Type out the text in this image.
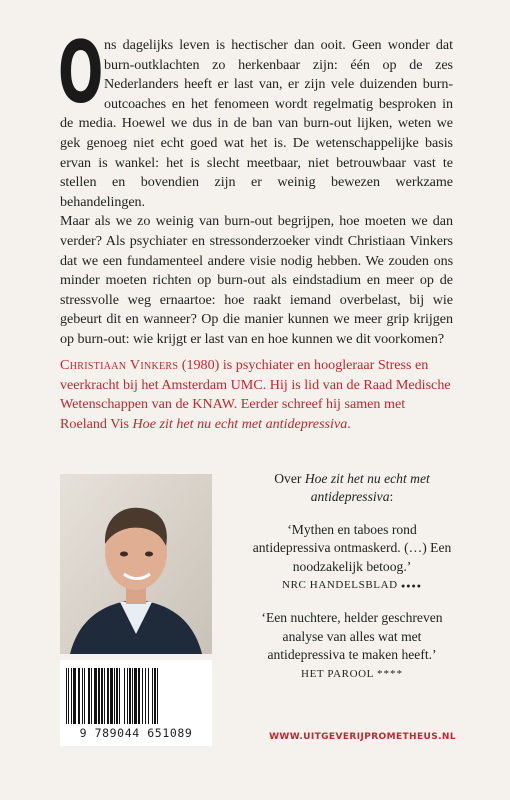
Ons dagelijks leven is hectischer dan ooit. Geen wonder dat burn-outklachten zo herkenbaar zijn: één op de zes Nederlanders heeft er last van, er zijn vele duizenden burn-outcoaches en het fenomeen wordt regelmatig besproken in de media. Hoewel we dus in de ban van burn-out lijken, weten we gek genoeg niet echt goed wat het is. De wetenschappelijke basis ervan is wankel: het is slecht meetbaar, niet betrouwbaar vast te stellen en bovendien zijn er weinig bewezen werkzame behandelingen.

Maar als we zo weinig van burn-out begrijpen, hoe moeten we dan verder? Als psychiater en stressonderzoeker vindt Christiaan Vinkers dat we een fundamenteel andere visie nodig hebben. We zouden ons minder moeten richten op burn-out als eindstadium en meer op de stressvolle weg ernaartoe: hoe raakt iemand overbelast, bij wie gebeurt dit en wanneer? Op die manier kunnen we meer grip krijgen op burn-out: wie krijgt er last van en hoe kunnen we dit voorkomen?

Christiaan Vinkers (1980) is psychiater en hoogleraar Stress en veerkracht bij het Amsterdam UMC. Hij is lid van de Raad Medische Wetenschappen van de KNAW. Eerder schreef hij samen met Roeland Vis Hoe zit het nu echt met antidepressiva.
9 789044 651089

Over Hoe zit het nu echt met antidepressiva:

‘Mythen en taboes rond antidepressiva ontmaskerd. (…) Een noodzakelijk betoog.’

NRC HANDELSBLAD ●●●●

‘Een nuchtere, helder geschreven analyse van alles wat met antidepressiva te maken heeft.’

HET PAROOL ****

WWW.UITGEVERIJPROMETHEUS.NL
